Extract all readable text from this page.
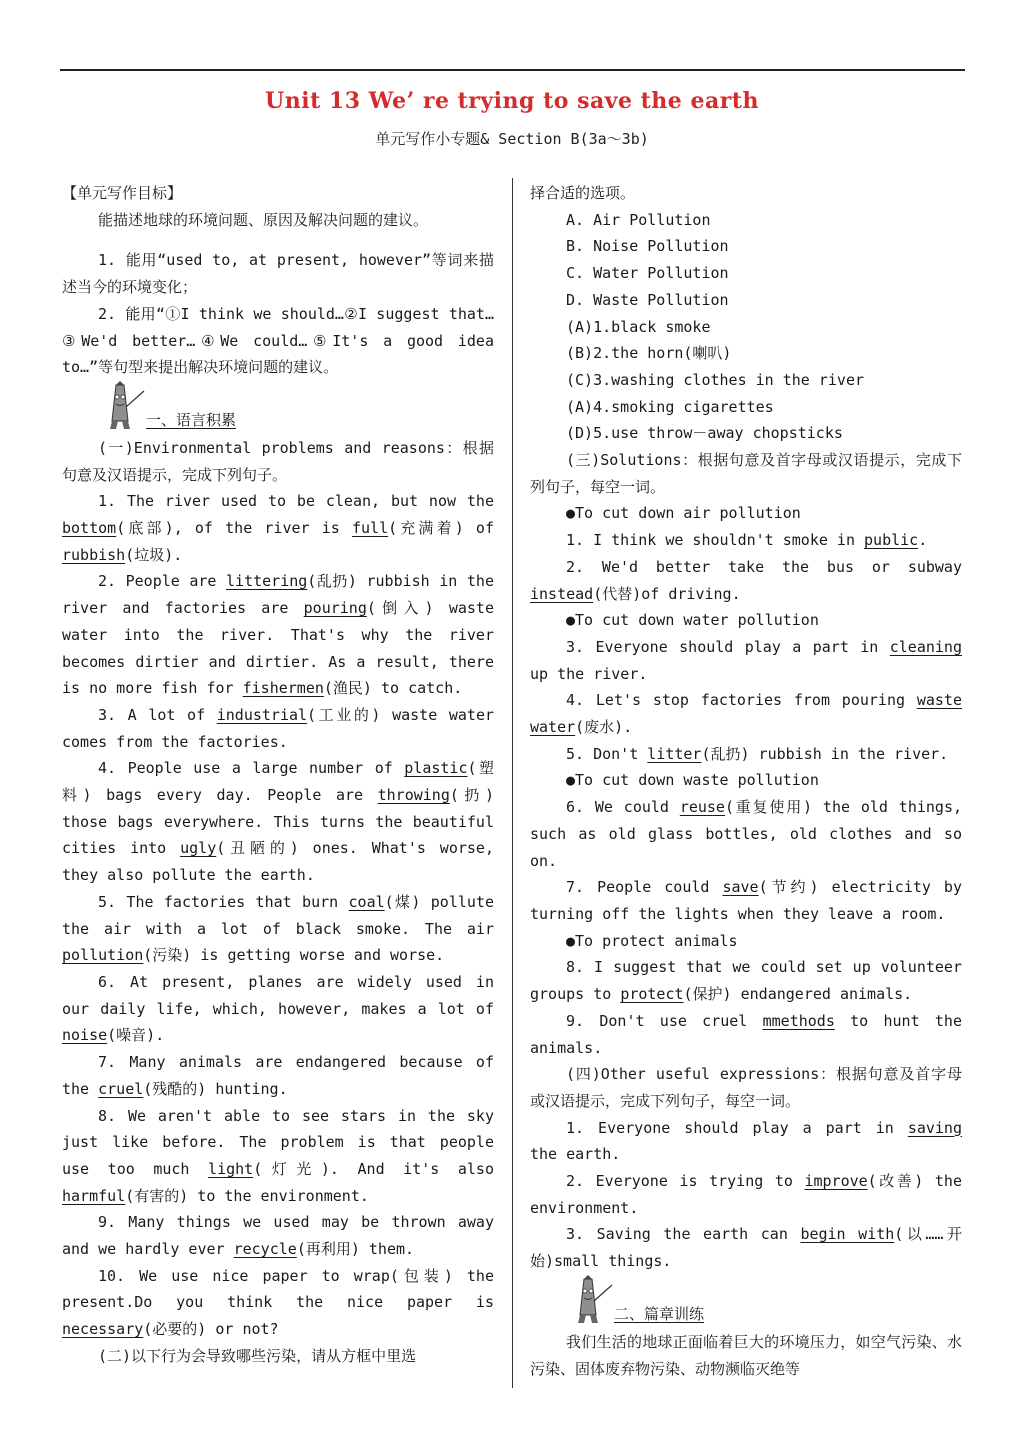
Unit 13 We’ re trying to save the earth
单元写作小专题& Section B(3a～3b)

【单元写作目标】

能描述地球的环境问题、原因及解决问题的建议。

1. 能用“used to, at present, however”等词来描述当今的环境变化；

2. 能用“①I think we should…②I suggest that…③We'd better…④We could…⑤It's a good idea to…”等句型来提出解决环境问题的建议。

一、语言积累

(一)Environmental problems and reasons：根据句意及汉语提示，完成下列句子。

1. The river used to be clean, but now the bottom(底部), of the river is full(充满着) of rubbish(垃圾).

2. People are littering(乱扔) rubbish in the river and factories are pouring(倒入) waste water into the river. That's why the river becomes dirtier and dirtier. As a result, there is no more fish for fishermen(渔民) to catch.

3. A lot of industrial(工业的) waste water comes from the factories.

4. People use a large number of plastic(塑料) bags every day. People are throwing(扔) those bags everywhere. This turns the beautiful cities into ugly(丑陋的) ones. What's worse, they also pollute the earth.

5. The factories that burn coal(煤) pollute the air with a lot of black smoke. The air pollution(污染) is getting worse and worse.

6. At present, planes are widely used in our daily life, which, however, makes a lot of noise(噪音).

7. Many animals are endangered because of the cruel(残酷的) hunting.

8. We aren't able to see stars in the sky just like before. The problem is that people use too much light(灯光). And it's also harmful(有害的) to the environment.

9. Many things we used may be thrown away and we hardly ever recycle(再利用) them.

10. We use nice paper to wrap(包装) the present.Do you think the nice paper is necessary(必要的) or not?

(二)以下行为会导致哪些污染，请从方框中里选

择合适的选项。

A. Air Pollution

B. Noise Pollution

C. Water Pollution

D. Waste Pollution

(A)1.black smoke

(B)2.the horn(喇叭)

(C)3.washing clothes in the river

(A)4.smoking cigarettes

(D)5.use throw－away chopsticks

(三)Solutions：根据句意及首字母或汉语提示，完成下列句子，每空一词。

●To cut down air pollution

1. I think we shouldn't smoke in public.

2. We'd better take the bus or subway instead(代替)of driving.

●To cut down water pollution

3. Everyone should play a part in cleaning up the river.

4. Let's stop factories from pouring waste water(废水).

5. Don't litter(乱扔) rubbish in the river.

●To cut down waste pollution

6. We could reuse(重复使用) the old things, such as old glass bottles, old clothes and so on.

7. People could save(节约) electricity by turning off the lights when they leave a room.

●To protect animals

8. I suggest that we could set up volunteer groups to protect(保护) endangered animals.

9. Don't use cruel mmethods to hunt the animals.

(四)Other useful expressions：根据句意及首字母或汉语提示，完成下列句子，每空一词。

1. Everyone should play a part in saving the earth.

2. Everyone is trying to improve(改善) the environment.

3. Saving the earth can begin with(以……开始)small things.

二、篇章训练

我们生活的地球正面临着巨大的环境压力，如空气污染、水污染、固体废弃物污染、动物濒临灭绝等
